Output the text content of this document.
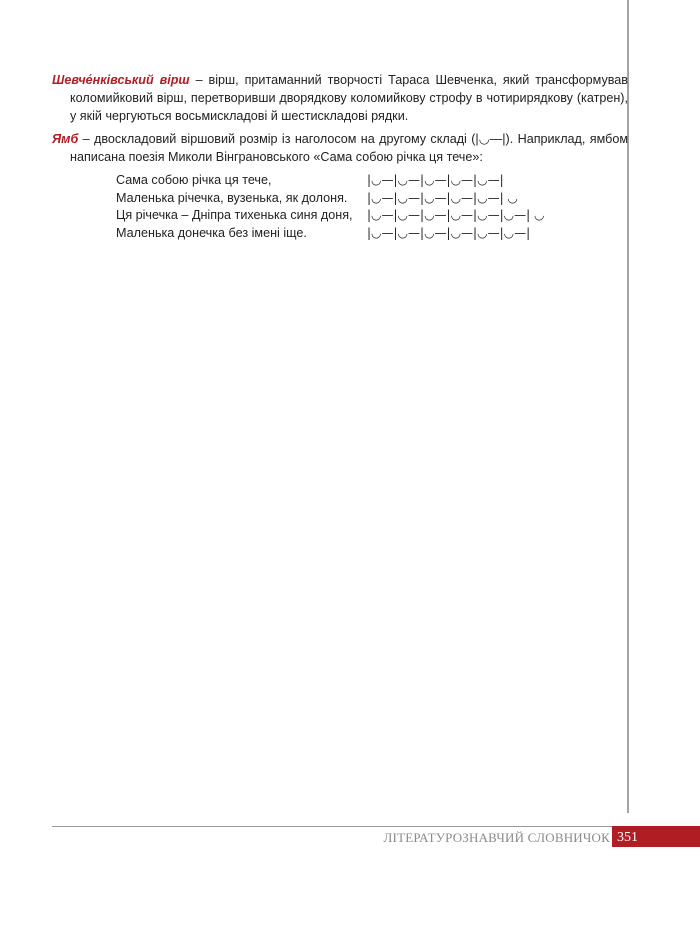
Шевче́нківський вірш – вірш, притаманний творчості Тараса Шевченка, який трансформував коломийковий вірш, перетворивши дворядкову коломийкову строфу в чотирирядкову (катрен), у якій чергуються восьмискладові й шестискладові рядки.

Ямб – двоскладовий віршовий розмір із наголосом на другому складі (|◡—|). Наприклад, ямбом написана поезія Миколи Вінграновського «Сама собою річка ця тече»:

Сама собою річка ця тече,	|◡—|◡—|◡—|◡—|◡—|
Маленька річечка, вузенька, як долоня.	|◡—|◡—|◡—|◡—|◡—| ◡
Ця річечка – Дніпра тихенька синя доня,	|◡—|◡—|◡—|◡—|◡—|◡—| ◡
Маленька донечка без імені іще.	|◡—|◡—|◡—|◡—|◡—|◡—|
ЛІТЕРАТУРОЗНАВЧИЙ СЛОВНИЧОК 351
